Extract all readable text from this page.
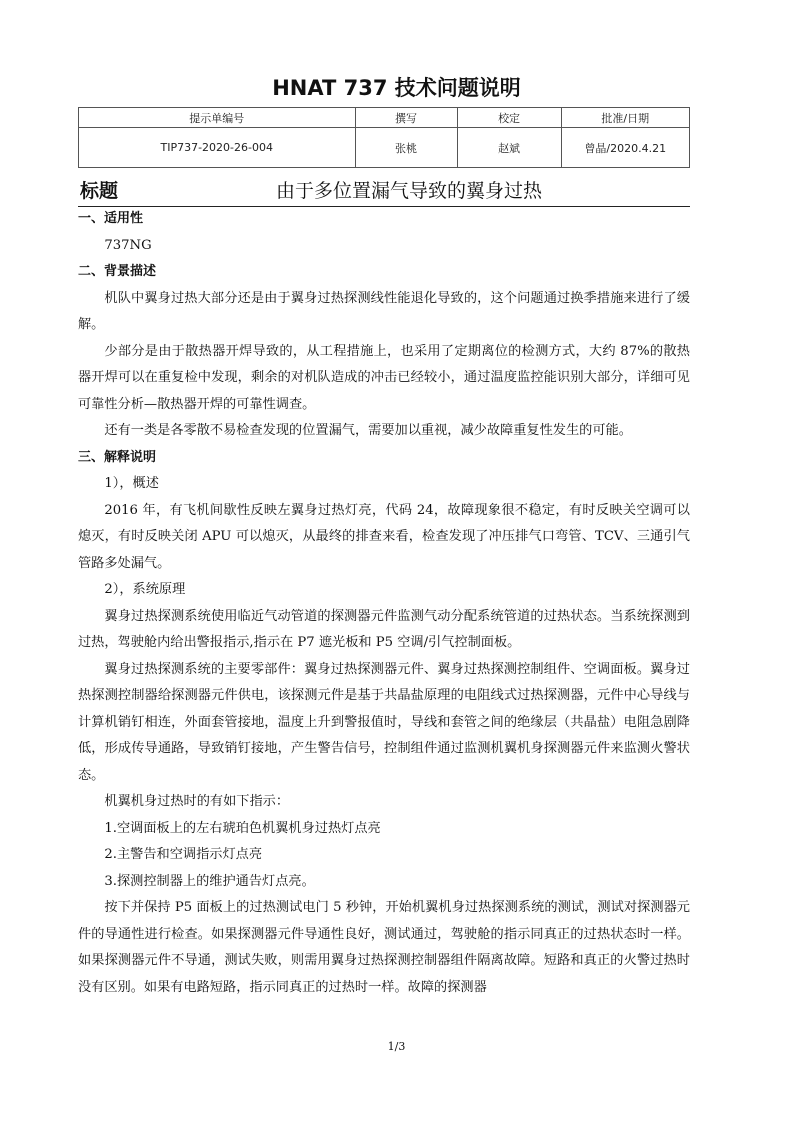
HNAT 737 技术问题说明
提示单编号	撰写	校定	批准/日期
TIP737-2020-26-004	张桃	赵斌	曾晶/2020.4.21
标题	由于多位置漏气导致的翼身过热
一、适用性
737NG
二、背景描述

机队中翼身过热大部分还是由于翼身过热探测线性能退化导致的，这个问题通过换季措施来进行了缓解。

少部分是由于散热器开焊导致的，从工程措施上，也采用了定期离位的检测方式，大约 87%的散热器开焊可以在重复检中发现，剩余的对机队造成的冲击已经较小，通过温度监控能识别大部分，详细可见可靠性分析—散热器开焊的可靠性调查。

还有一类是各零散不易检查发现的位置漏气，需要加以重视，减少故障重复性发生的可能。

三、解释说明
1），概述

2016 年，有飞机间歇性反映左翼身过热灯亮，代码 24，故障现象很不稳定，有时反映关空调可以熄灭，有时反映关闭 APU 可以熄灭，从最终的排查来看，检查发现了冲压排气口弯管、TCV、三通引气管路多处漏气。

2），系统原理

翼身过热探测系统使用临近气动管道的探测器元件监测气动分配系统管道的过热状态。当系统探测到过热，驾驶舱内给出警报指示,指示在 P7 遮光板和 P5 空调/引气控制面板。

翼身过热探测系统的主要零部件：翼身过热探测器元件、翼身过热探测控制组件、空调面板。翼身过热探测控制器给探测器元件供电，该探测元件是基于共晶盐原理的电阻线式过热探测器，元件中心导线与计算机销钉相连，外面套管接地，温度上升到警报值时，导线和套管之间的绝缘层（共晶盐）电阻急剧降低，形成传导通路，导致销钉接地，产生警告信号，控制组件通过监测机翼机身探测器元件来监测火警状态。

机翼机身过热时的有如下指示：
1.空调面板上的左右琥珀色机翼机身过热灯点亮
2.主警告和空调指示灯点亮
3.探测控制器上的维护通告灯点亮。

按下并保持 P5 面板上的过热测试电门 5 秒钟，开始机翼机身过热探测系统的测试，测试对探测器元件的导通性进行检查。如果探测器元件导通性良好，测试通过，驾驶舱的指示同真正的过热状态时一样。如果探测器元件不导通，测试失败，则需用翼身过热探测控制器组件隔离故障。短路和真正的火警过热时没有区别。如果有电路短路，指示同真正的过热时一样。故障的探测器

1/3
